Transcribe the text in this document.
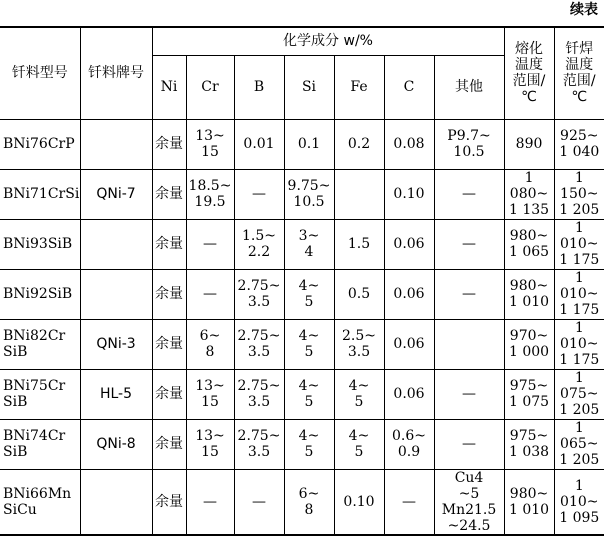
续表
钎料型号	钎料牌号	化学成分 w/%							熔化
温度
范围/
℃	钎焊
温度
范围/
℃
		Ni	Cr	B	Si	Fe	C	其他		
BNi76CrP		余量	13~
15	0.01	0.1	0.2	0.08	P9.7~
10.5	890	925~
1 040
BNi71CrSi	QNi-7	余量	18.5~
19.5	—	9.75~
10.5		0.10	—	1 080~
1 135	1 150~
1 205
BNi93SiB		余量	—	1.5~
2.2	3~
4	1.5	0.06	—	980~
1 065	1 010~
1 175
BNi92SiB		余量	—	2.75~
3.5	4~
5	0.5	0.06	—	980~
1 010	1 010~
1 175
BNi82Cr
SiB	QNi-3	余量	6~
8	2.75~
3.5	4~
5	2.5~
3.5	0.06		970~
1 000	1 010~
1 175
BNi75Cr
SiB	HL-5	余量	13~
15	2.75~
3.5	4~
5	4~
5	0.06	—	975~
1 075	1 075~
1 205
BNi74Cr
SiB	QNi-8	余量	13~
15	2.75~
3.5	4~
5	4~
5	0.6~
0.9	—	975~
1 038	1 065~
1 205
BNi66Mn
SiCu		余量	—	—	6~
8	0.10	—	Cu4
~5
Mn21.5
~24.5	980~
1 010	1 010~
1 095
